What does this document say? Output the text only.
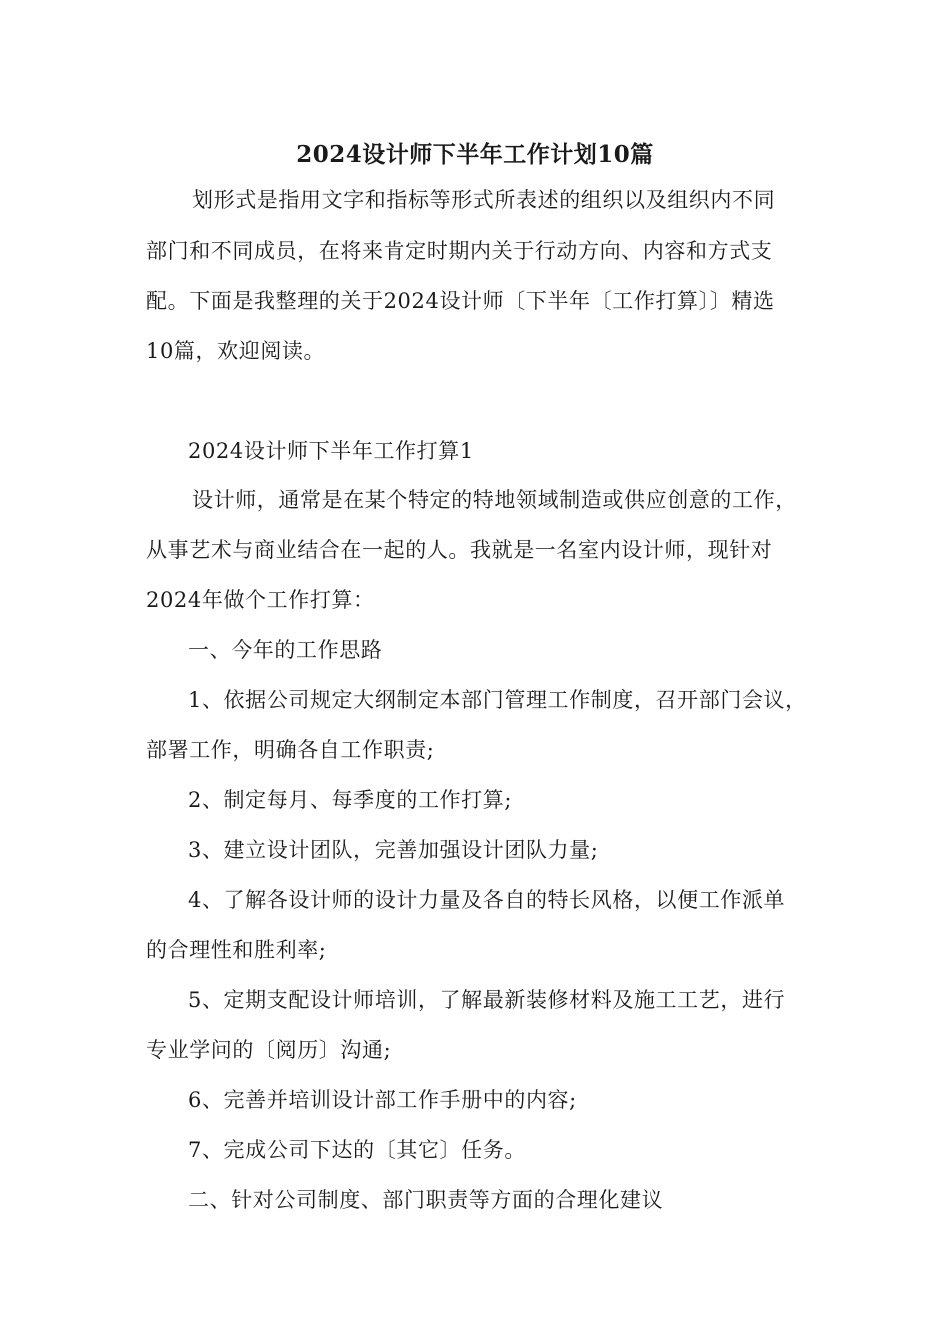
2024设计师下半年工作计划10篇
划形式是指用文字和指标等形式所表述的组织以及组织内不同
部门和不同成员，在将来肯定时期内关于行动方向、内容和方式支
配。下面是我整理的关于2024设计师〔下半年〔工作打算〕〕精选
10篇，欢迎阅读。
2024设计师下半年工作打算1
设计师，通常是在某个特定的特地领域制造或供应创意的工作，
从事艺术与商业结合在一起的人。我就是一名室内设计师，现针对
2024年做个工作打算：
一、今年的工作思路
1、依据公司规定大纲制定本部门管理工作制度，召开部门会议，
部署工作，明确各自工作职责;
2、制定每月、每季度的工作打算;
3、建立设计团队，完善加强设计团队力量;
4、了解各设计师的设计力量及各自的特长风格，以便工作派单
的合理性和胜利率;
5、定期支配设计师培训，了解最新装修材料及施工工艺，进行
专业学问的〔阅历〕沟通;
6、完善并培训设计部工作手册中的内容;
7、完成公司下达的〔其它〕任务。
二、针对公司制度、部门职责等方面的合理化建议
